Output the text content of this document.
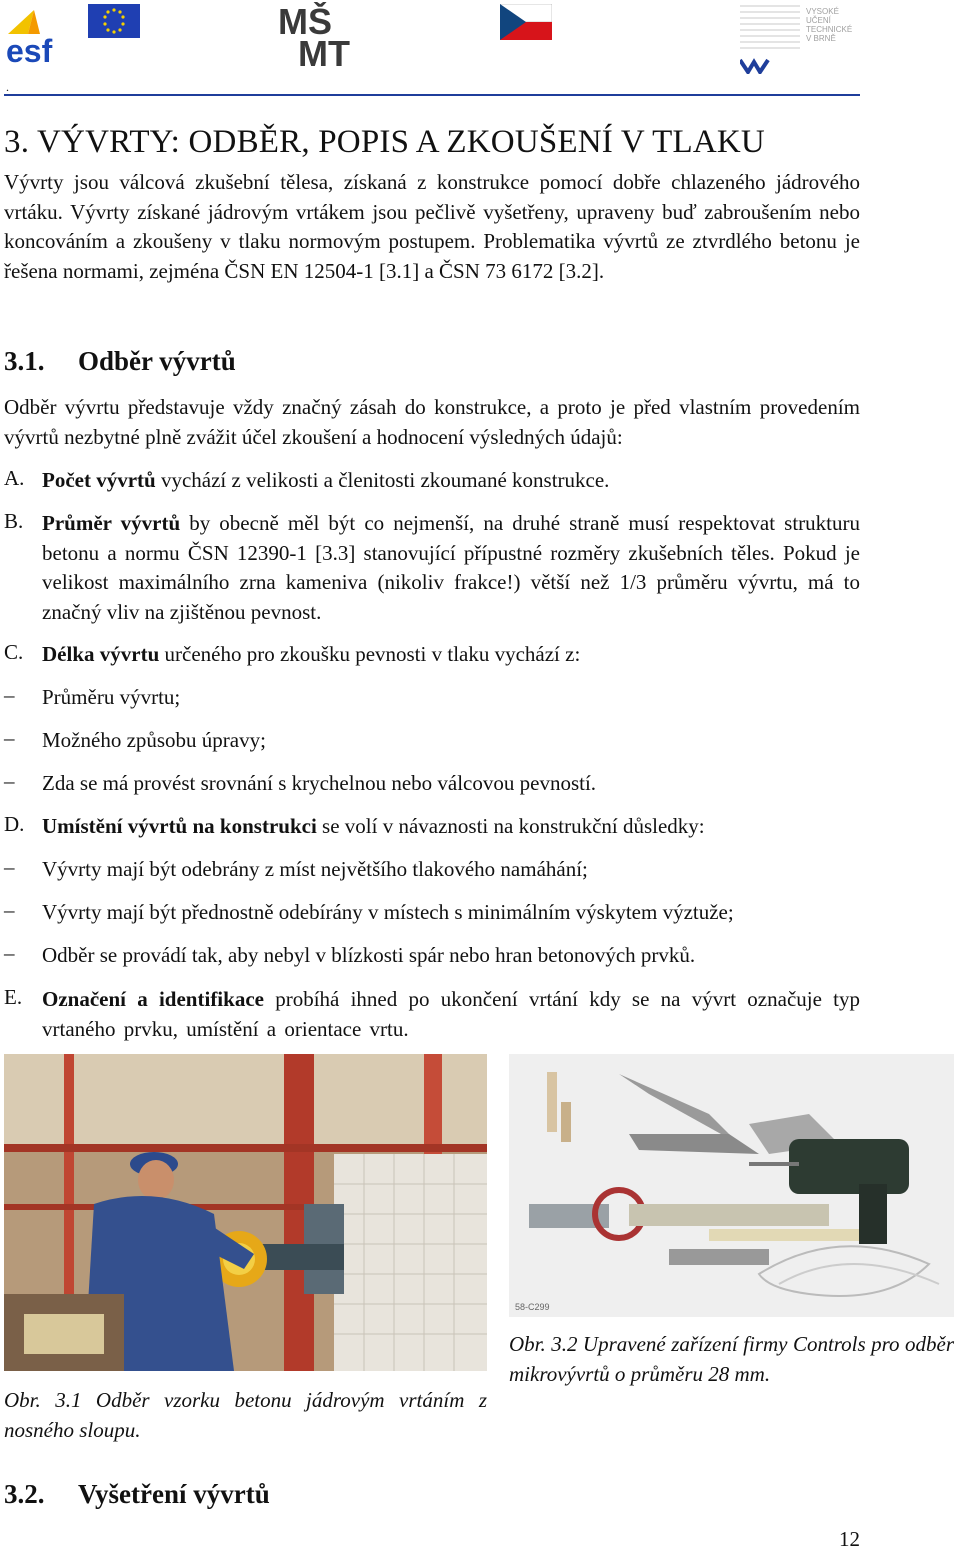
esf
MŠ
MT
VYSOKÉ
UČENÍ
TECHNICKÉ
V BRNĚ
.
3. VÝVRTY: ODBĚR, POPIS A ZKOUŠENÍ V TLAKU

Vývrty jsou válcová zkušební tělesa, získaná z konstrukce pomocí dobře chlazeného jádrového vrtáku. Vývrty získané jádrovým vrtákem jsou pečlivě vyšetřeny, upraveny buď zabroušením nebo koncováním a zkoušeny v tlaku normovým postupem. Problematika vývrtů ze ztvrdlého betonu je řešena normami, zejména ČSN EN 12504-1 [3.1] a ČSN 73 6172 [3.2].

3.1. Odběr vývrtů

Odběr vývrtu představuje vždy značný zásah do konstrukce, a proto je před vlastním provedením vývrtů nezbytné plně zvážit účel zkoušení a hodnocení výsledných údajů:

A. Počet vývrtů vychází z velikosti a členitosti zkoumané konstrukce.

B. Průměr vývrtů by obecně měl být co nejmenší, na druhé straně musí respektovat strukturu betonu a normu ČSN 12390-1 [3.3] stanovující přípustné rozměry zkušebních těles. Pokud je velikost maximálního zrna kameniva (nikoliv frakce!) větší než 1/3 průměru vývrtu, má to značný vliv na zjištěnou pevnost.

C. Délka vývrtu určeného pro zkoušku pevnosti v tlaku vychází z:

– Průměru vývrtu;

– Možného způsobu úpravy;

– Zda se má provést srovnání s krychelnou nebo válcovou pevností.

D. Umístění vývrtů na konstrukci se volí v návaznosti na konstrukční důsledky:

– Vývrty mají být odebrány z míst největšího tlakového namáhání;

– Vývrty mají být přednostně odebírány v místech s minimálním výskytem výztuže;

– Odběr se provádí tak, aby nebyl v blízkosti spár nebo hran betonových prvků.

E. Označení a identifikace probíhá ihned po ukončení vrtání kdy se na vývrt označuje typ vrtaného prvku, umístění a orientace vrtu.

Obr. 3.1 Odběr vzorku betonu jádrovým vrtáním z nosného sloupu.

58-C299

Obr. 3.2 Upravené zařízení firmy Controls pro odběr mikrovývrtů o průměru 28 mm.

3.2. Vyšetření vývrtů
12
